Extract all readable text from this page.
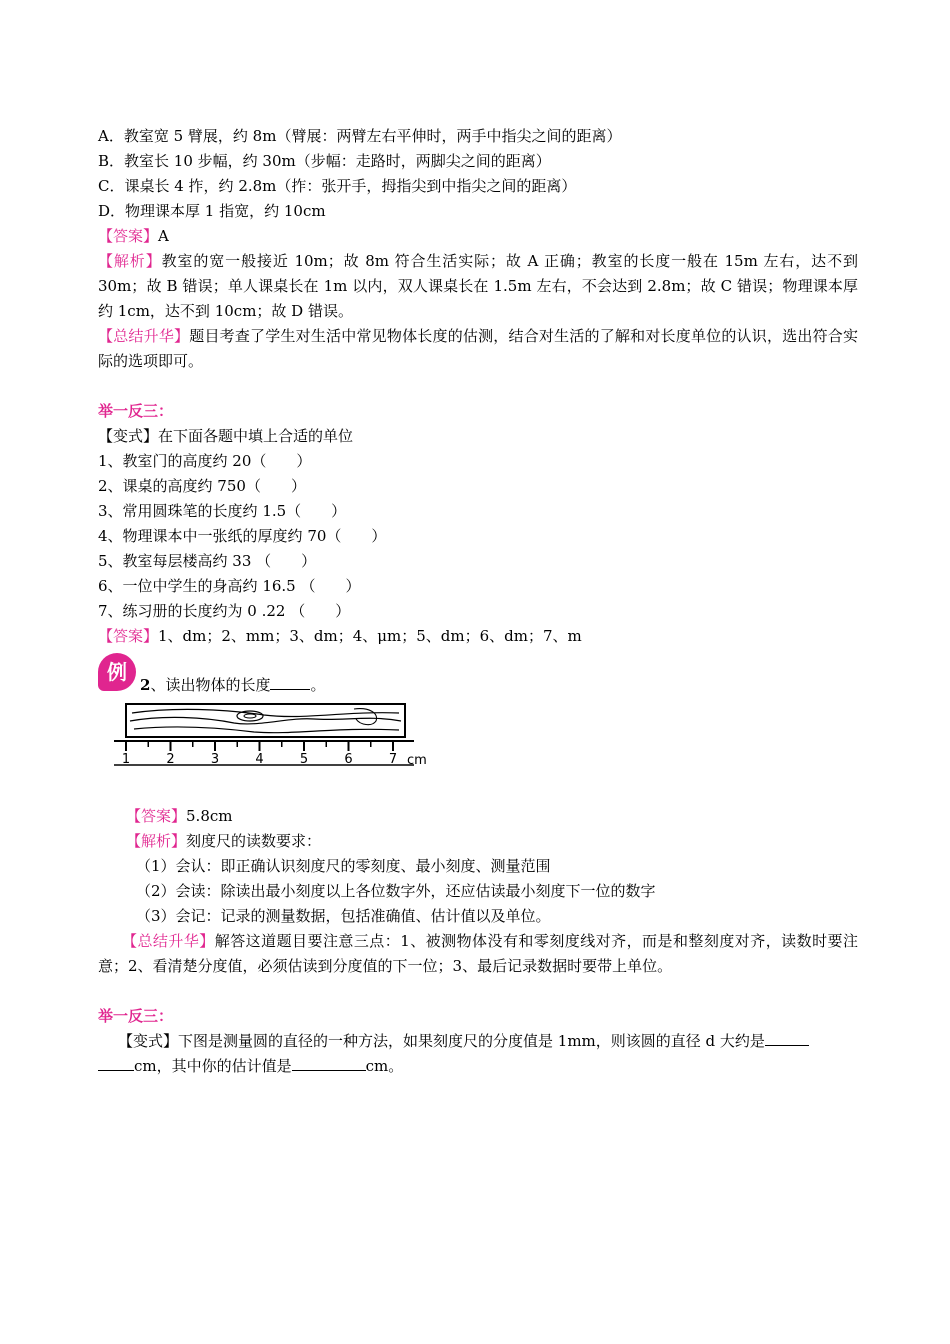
A．教室宽 5 臂展，约 8m（臂展：两臂左右平伸时，两手中指尖之间的距离）
B．教室长 10 步幅，约 30m（步幅：走路时，两脚尖之间的距离）
C．课桌长 4 拃，约 2.8m（拃：张开手，拇指尖到中指尖之间的距离）
D．物理课本厚 1 指宽，约 10cm
【答案】A
【解析】教室的宽一般接近 10m；故 8m 符合生活实际；故 A 正确；教室的长度一般在 15m 左右，达不到 30m；故 B 错误；单人课桌长在 1m 以内，双人课桌长在 1.5m 左右，不会达到 2.8m；故 C 错误；物理课本厚约 1cm，达不到 10cm；故 D 错误。
【总结升华】题目考查了学生对生活中常见物体长度的估测，结合对生活的了解和对长度单位的认识，选出符合实际的选项即可。
举一反三：
【变式】在下面各题中填上合适的单位
1、教室门的高度约 20（　　）
2、课桌的高度约 750（　　）
3、常用圆珠笔的长度约 1.5（　　）
4、物理课本中一张纸的厚度约 70（　　）
5、教室每层楼高约 33 （　　）
6、一位中学生的身高约 16.5 （　　）
7、练习册的长度约为 0 .22 （　　）
【答案】1、dm；2、mm；3、dm；4、μm；5、dm；6、dm；7、m
例
2、读出物体的长度	。
1	2	3	4	5	6	7 cm
【答案】5.8cm
【解析】刻度尺的读数要求：
（1）会认：即正确认识刻度尺的零刻度、最小刻度、测量范围
（2）会读：除读出最小刻度以上各位数字外，还应估读最小刻度下一位的数字
（3）会记：记录的测量数据，包括准确值、估计值以及单位。
【总结升华】解答这道题目要注意三点：1、被测物体没有和零刻度线对齐，而是和整刻度对齐，读数时要注意；2、看清楚分度值，必须估读到分度值的下一位；3、最后记录数据时要带上单位。
举一反三：
【变式】下图是测量圆的直径的一种方法，如果刻度尺的分度值是 1mm，则该圆的直径 d 大约是
cm，其中你的估计值是	cm。
